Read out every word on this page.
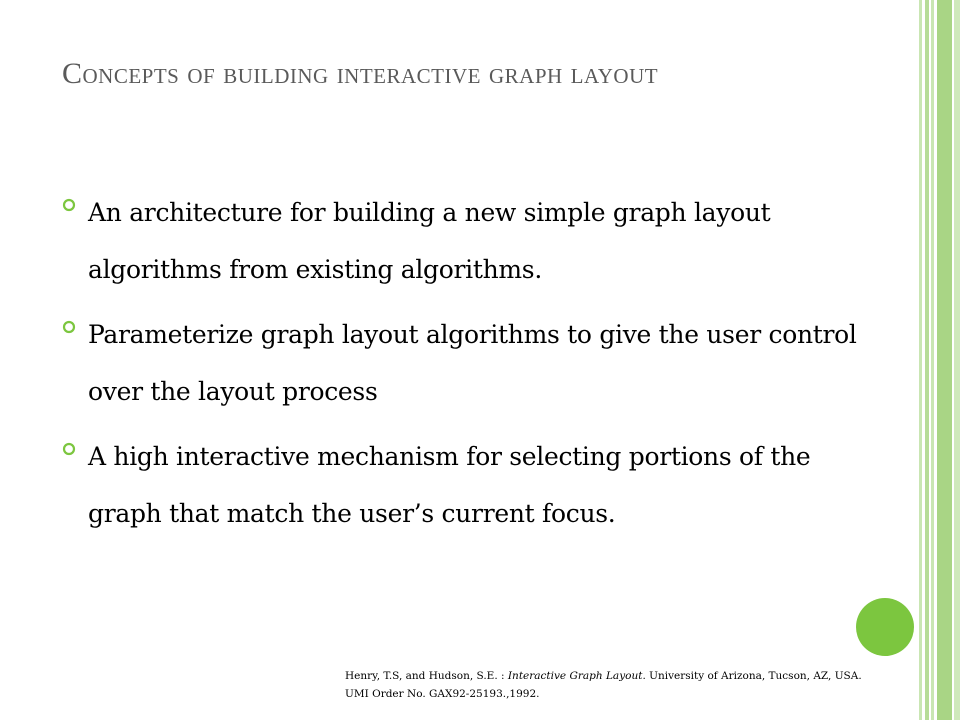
Concepts of building interactive graph layout
An architecture for building a new simple graph layout algorithms from existing algorithms.
Parameterize graph layout algorithms to give the user control over the layout process
A high interactive mechanism for selecting portions of the graph that match the user’s current focus.
Henry, T.S, and Hudson, S.E. : Interactive Graph Layout. University of Arizona, Tucson, AZ, USA. UMI Order No. GAX92-25193.,1992.
